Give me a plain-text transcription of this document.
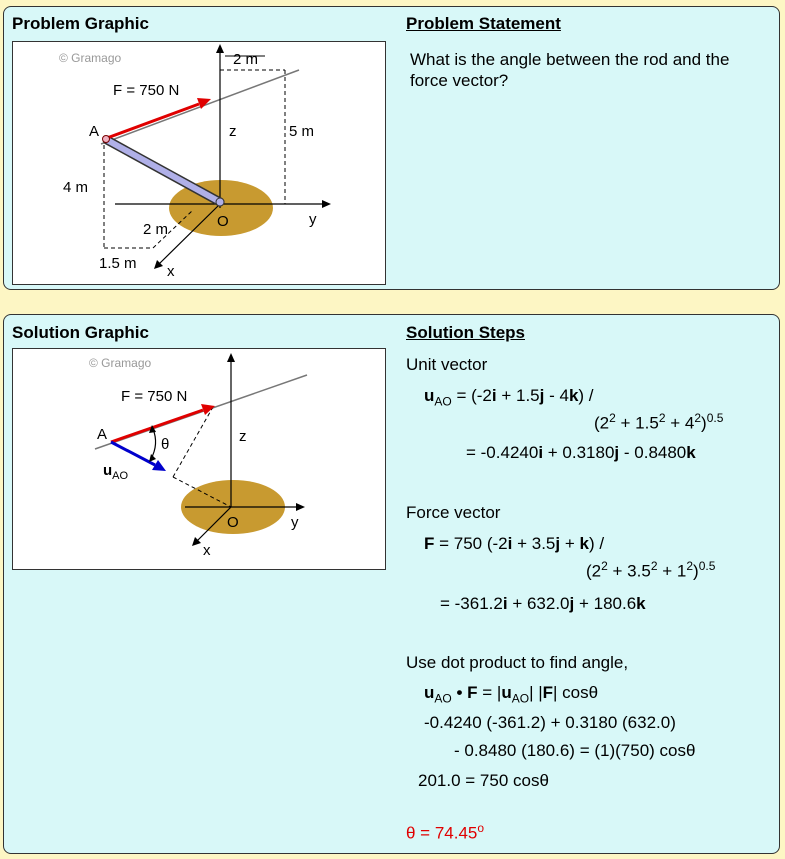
Problem Graphic	Problem Statement
What is the angle between the rod and the force vector?
© Gramago	2 m
F = 750 N
A	z	5 m
4 m
O	y
2 m
1.5 m x
Solution Graphic
© Gramago
F = 750 N
A
θ	z
$u_{AO}$
O	y
x
Solution Steps
Unit vector
$u_{AO} = (-2i + 1.5j - 4k)$ /
$(2^2 + 1.5^2 + 4^2)^{0.5}$
= -0.4240i + 0.3180j - 0.8480k
Force vector
F = 750 (-2i + 3.5j + k) /
$(2^2 + 3.5^2 + 1^2)^{0.5}$
= -361.2i + 632.0j + 180.6k
Use dot product to find angle,
$u_{AO}$ • $F = |u_{AO}|$ |F| cosθ
-0.4240 (-361.2) + 0.3180 (632.0)
- 0.8480 (180.6) = (1)(750) cosθ
201.0 = 750 cosθ
$\theta = 74.45^o$
